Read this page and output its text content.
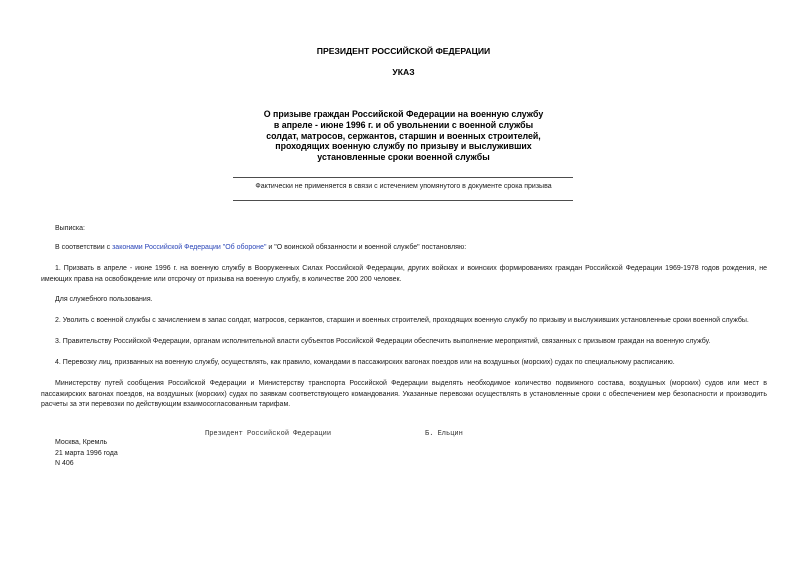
ПРЕЗИДЕНТ РОССИЙСКОЙ ФЕДЕРАЦИИ
УКАЗ
О призыве граждан Российской Федерации на военную службу
в апреле - июне 1996 г. и об увольнении с военной службы
солдат, матросов, сержантов, старшин и военных строителей,
проходящих военную службу по призыву и выслуживших
установленные сроки военной службы
Фактически не применяется в связи с истечением упомянутого в документе срока призыва
Выписка:
В соответствии с законами Российской Федерации "Об обороне" и "О воинской обязанности и военной службе" постановляю:
1. Призвать в апреле - июне 1996 г. на военную службу в Вооруженных Силах Российской Федерации, других войсках и воинских формированиях граждан Российской Федерации 1969-1978 годов рождения, не имеющих права на освобождение или отсрочку от призыва на военную службу, в количестве 200 200 человек.
Для служебного пользования.
2. Уволить с военной службы с зачислением в запас солдат, матросов, сержантов, старшин и военных строителей, проходящих военную службу по призыву и выслуживших установленные сроки военной службы.
3. Правительству Российской Федерации, органам исполнительной власти субъектов Российской Федерации обеспечить выполнение мероприятий, связанных с призывом граждан на военную службу.
4. Перевозку лиц, призванных на военную службу, осуществлять, как правило, командами в пассажирских вагонах поездов или на воздушных (морских) судах по специальному расписанию.
Министерству путей сообщения Российской Федерации и Министерству транспорта Российской Федерации выделять необходимое количество подвижного состава, воздушных (морских) судов или мест в пассажирских вагонах поездов, на воздушных (морских) судах по заявкам соответствующего командования. Указанные перевозки осуществлять в установленные сроки с обеспечением мер безопасности и производить расчеты за эти перевозки по действующим взаимосогласованным тарифам.
Президент Российской Федерации	Б. Ельцин
Москва, Кремль
21 марта 1996 года
N 406
